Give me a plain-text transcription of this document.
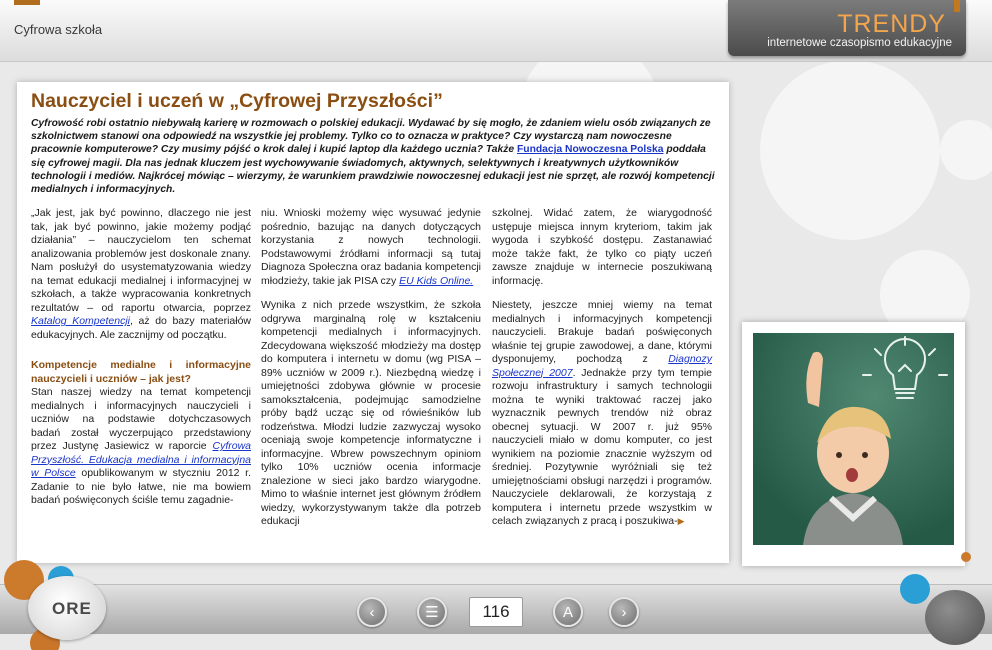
Cyfrowa szkoła	TRENDY
internetowe czasopismo edukacyjne
Nauczyciel i uczeń w „Cyfrowej Przyszłości”
Cyfrowość robi ostatnio niebywałą karierę w rozmowach o polskiej edukacji. Wydawać by się mogło, że zdaniem wielu osób związanych ze szkolnictwem stanowi ona odpowiedź na wszystkie jej problemy. Tylko co to oznacza w praktyce? Czy wystarczą nam nowoczesne pracownie komputerowe? Czy musimy pójść o krok dalej i kupić laptop dla każdego ucznia? Także Fundacja Nowoczesna Polska poddała się cyfrowej magii. Dla nas jednak kluczem jest wychowywanie świadomych, aktywnych, selektywnych i kreatywnych użytkowników technologii i mediów. Najkrócej mówiąc – wierzymy, że warunkiem prawdziwie nowoczesnej edukacji jest nie sprzęt, ale rozwój kompetencji medialnych i informacyjnych.

„Jak jest, jak być powinno, dlaczego nie jest tak, jak być powinno, jakie możemy podjąć działania” – nauczycielom ten schemat analizowania problemów jest doskonale znany. Nam posłużył do usystematyzowania wiedzy na temat edukacji medialnej i informacyjnej w szkołach, a także wypracowania konkretnych rezultatów – od raportu otwarcia, poprzez Katalog Kompetencji, aż do bazy materiałów edukacyjnych. Ale zacznijmy od początku.

Kompetencje medialne i informacyjne nauczycieli i uczniów – jak jest?

Stan naszej wiedzy na temat kompetencji medialnych i informacyjnych nauczycieli i uczniów na podstawie dotychczasowych badań został wyczerpująco przedstawiony przez Justynę Jasiewicz w raporcie Cyfrowa Przyszłość. Edukacja medialna i informacyjna w Polsce opublikowanym w styczniu 2012 r. Zadanie to nie było łatwe, nie ma bowiem badań poświęconych ściśle temu zagadnie-

niu. Wnioski możemy więc wysuwać jedynie pośrednio, bazując na danych dotyczących korzystania z nowych technologii. Podstawowymi źródłami informacji są tutaj Diagnoza Społeczna oraz badania kompetencji młodzieży, takie jak PISA czy EU Kids Online.

Wynika z nich przede wszystkim, że szkoła odgrywa marginalną rolę w kształceniu kompetencji medialnych i informacyjnych. Zdecydowana większość młodzieży ma dostęp do komputera i internetu w domu (wg PISA – 89% uczniów w 2009 r.). Niezbędną wiedzę i umiejętności zdobywa głównie w procesie samokształcenia, podejmując samodzielne próby bądź ucząc się od rówieśników lub rodzeństwa. Młodzi ludzie zazwyczaj wysoko oceniają swoje kompetencje informatyczne i informacyjne. Wbrew powszechnym opiniom tylko 10% uczniów ocenia informacje znalezione w sieci jako bardzo wiarygodne. Mimo to właśnie internet jest głównym źródłem wiedzy, wykorzystywanym także dla potrzeb edukacji

szkolnej. Widać zatem, że wiarygodność ustępuje miejsca innym kryteriom, takim jak wygoda i szybkość dostępu. Zastanawiać może także fakt, że tylko co piąty uczeń zawsze znajduje w internecie poszukiwaną informację.

Niestety, jeszcze mniej wiemy na temat medialnych i informacyjnych kompetencji nauczycieli. Brakuje badań poświęconych właśnie tej grupie zawodowej, a dane, którymi dysponujemy, pochodzą z Diagnozy Społecznej 2007. Jednakże przy tym tempie rozwoju infrastruktury i samych technologii można te wyniki traktować raczej jako wyznacznik pewnych trendów niż obraz obecnej sytuacji. W 2007 r. już 95% nauczycieli miało w domu komputer, co jest wynikiem na poziomie znacznie wyższym od średniej. Pozytywnie wyróżniali się też umiejętnościami obsługi narzędzi i programów. Nauczyciele deklarowali, że korzystają z komputera i internetu przede wszystkim w celach związanych z pracą i poszukiwa-▶

ORE	‹	☰	116	A	›
